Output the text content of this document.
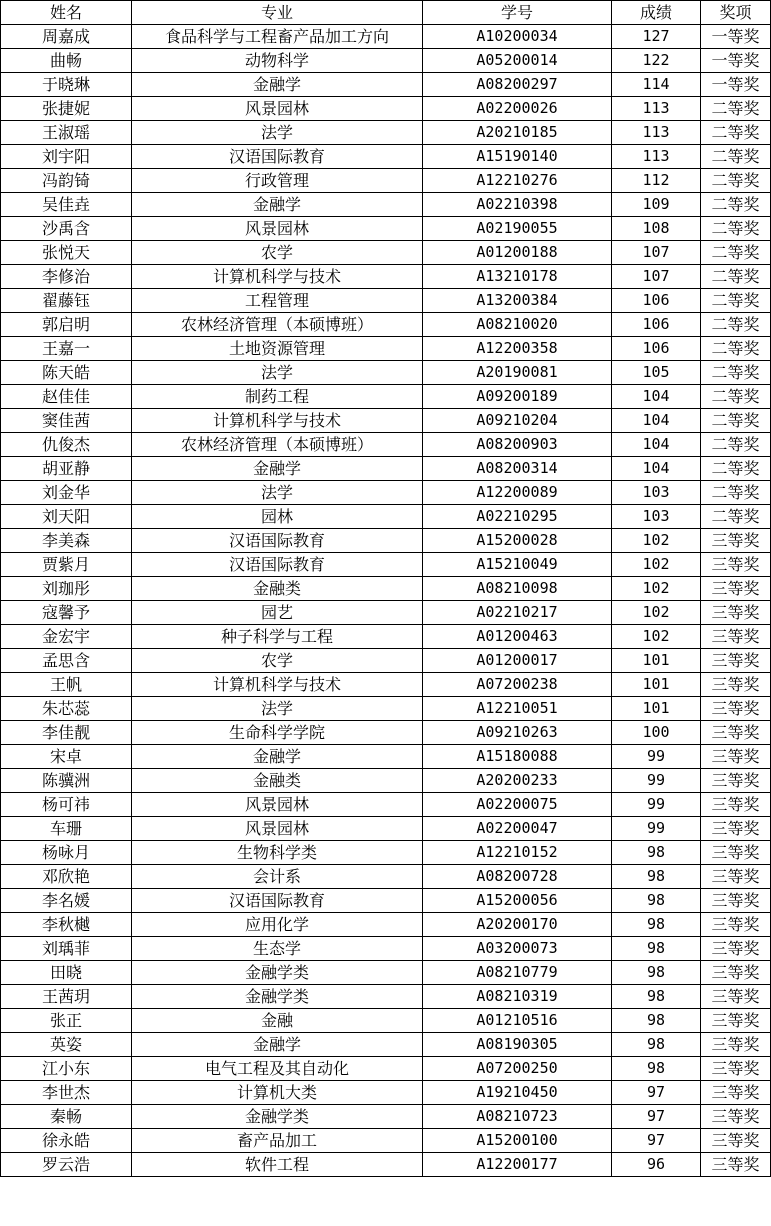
姓名	专业	学号	成绩	奖项
周嘉成	食品科学与工程畜产品加工方向	A10200034	127	一等奖
曲畅	动物科学	A05200014	122	一等奖
于晓琳	金融学	A08200297	114	一等奖
张捷妮	风景园林	A02200026	113	二等奖
王淑瑶	法学	A20210185	113	二等奖
刘宇阳	汉语国际教育	A15190140	113	二等奖
冯韵锜	行政管理	A12210276	112	二等奖
吴佳垚	金融学	A02210398	109	二等奖
沙禹含	风景园林	A02190055	108	二等奖
张悦天	农学	A01200188	107	二等奖
李修治	计算机科学与技术	A13210178	107	二等奖
翟藤钰	工程管理	A13200384	106	二等奖
郭启明	农林经济管理（本硕博班）	A08210020	106	二等奖
王嘉一	土地资源管理	A12200358	106	二等奖
陈天皓	法学	A20190081	105	二等奖
赵佳佳	制药工程	A09200189	104	二等奖
窦佳茜	计算机科学与技术	A09210204	104	二等奖
仇俊杰	农林经济管理（本硕博班）	A08200903	104	二等奖
胡亚静	金融学	A08200314	104	二等奖
刘金华	法学	A12200089	103	二等奖
刘天阳	园林	A02210295	103	二等奖
李美森	汉语国际教育	A15200028	102	三等奖
贾紫月	汉语国际教育	A15210049	102	三等奖
刘珈彤	金融类	A08210098	102	三等奖
寇馨予	园艺	A02210217	102	三等奖
金宏宇	种子科学与工程	A01200463	102	三等奖
孟思含	农学	A01200017	101	三等奖
王帆	计算机科学与技术	A07200238	101	三等奖
朱芯蕊	法学	A12210051	101	三等奖
李佳靓	生命科学学院	A09210263	100	三等奖
宋卓	金融学	A15180088	99	三等奖
陈骥洲	金融类	A20200233	99	三等奖
杨可祎	风景园林	A02200075	99	三等奖
车珊	风景园林	A02200047	99	三等奖
杨咏月	生物科学类	A12210152	98	三等奖
邓欣艳	会计系	A08200728	98	三等奖
李名媛	汉语国际教育	A15200056	98	三等奖
李秋樾	应用化学	A20200170	98	三等奖
刘瑀菲	生态学	A03200073	98	三等奖
田晓	金融学类	A08210779	98	三等奖
王茜玥	金融学类	A08210319	98	三等奖
张正	金融	A01210516	98	三等奖
英姿	金融学	A08190305	98	三等奖
江小东	电气工程及其自动化	A07200250	98	三等奖
李世杰	计算机大类	A19210450	97	三等奖
秦畅	金融学类	A08210723	97	三等奖
徐永皓	畜产品加工	A15200100	97	三等奖
罗云浩	软件工程	A12200177	96	三等奖
